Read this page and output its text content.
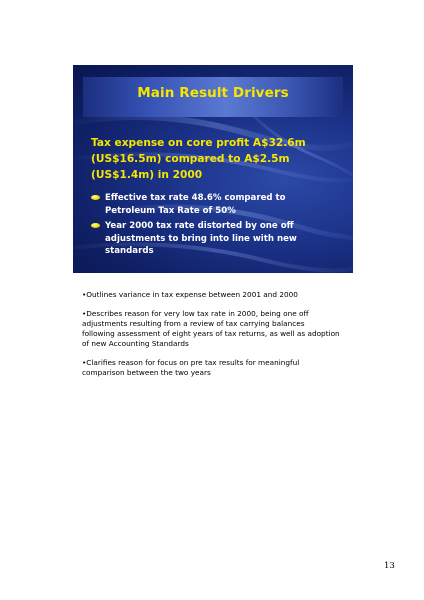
Main Result Drivers
Tax expense on core profit A$32.6m
(US$16.5m) compared to A$2.5m
(US$1.4m) in 2000
Effective tax rate 48.6% compared to
Petroleum Tax Rate of 50%
Year 2000 tax rate distorted by one off
adjustments to bring into line with new
standards
•Outlines variance in tax expense between 2001 and 2000
•Describes reason for very low tax rate in 2000, being one off
adjustments resulting from a review of tax carrying balances
following assessment of eight years of tax returns, as well as adoption
of new Accounting Standards
•Clarifies reason for focus on pre tax results for meaningful
comparison between the two years
13
